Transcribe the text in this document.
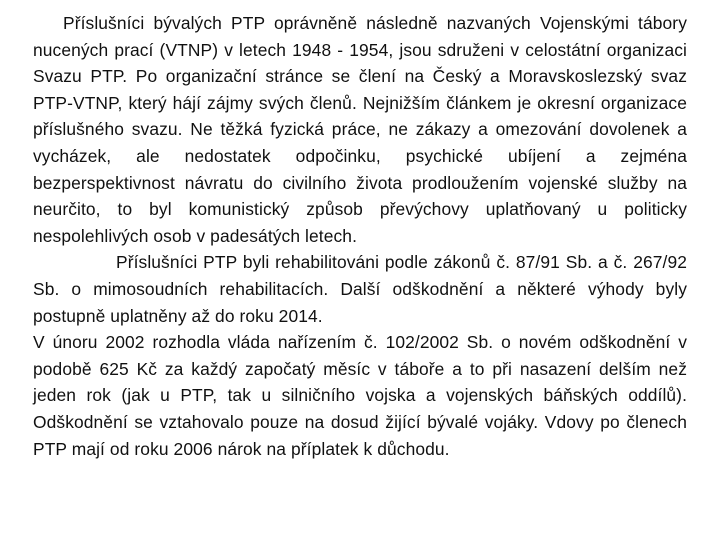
Příslušníci bývalých PTP oprávněně následně nazvaných Vojenskými tábory nucených prací (VTNP) v letech 1948 - 1954, jsou sdruženi v celostátní organizaci Svazu PTP. Po organizační stránce se člení na Český a Moravskoslezský svaz PTP-VTNP, který hájí zájmy svých členů. Nejnižším článkem je okresní organizace příslušného svazu. Ne těžká fyzická práce, ne zákazy a omezování dovolenek a vycházek, ale nedostatek odpočinku, psychické ubíjení a zejména bezperspektivnost návratu do civilního života prodloužením vojenské služby na neurčito, to byl komunistický způsob převýchovy uplatňovaný u politicky nespolehlivých osob v padesátých letech.

Příslušníci PTP byli rehabilitováni podle zákonů č. 87/91 Sb. a č. 267/92 Sb. o mimosoudních rehabilitacích. Další odškodnění a některé výhody byly postupně uplatněny až do roku 2014.

V únoru 2002 rozhodla vláda nařízením č. 102/2002 Sb. o novém odškodnění v podobě 625 Kč za každý započatý měsíc v táboře a to při nasazení delším než jeden rok (jak u PTP, tak u silničního vojska a vojenských báňských oddílů). Odškodnění se vztahovalo pouze na dosud žijící bývalé vojáky. Vdovy po členech PTP mají od roku 2006 nárok na příplatek k důchodu.
